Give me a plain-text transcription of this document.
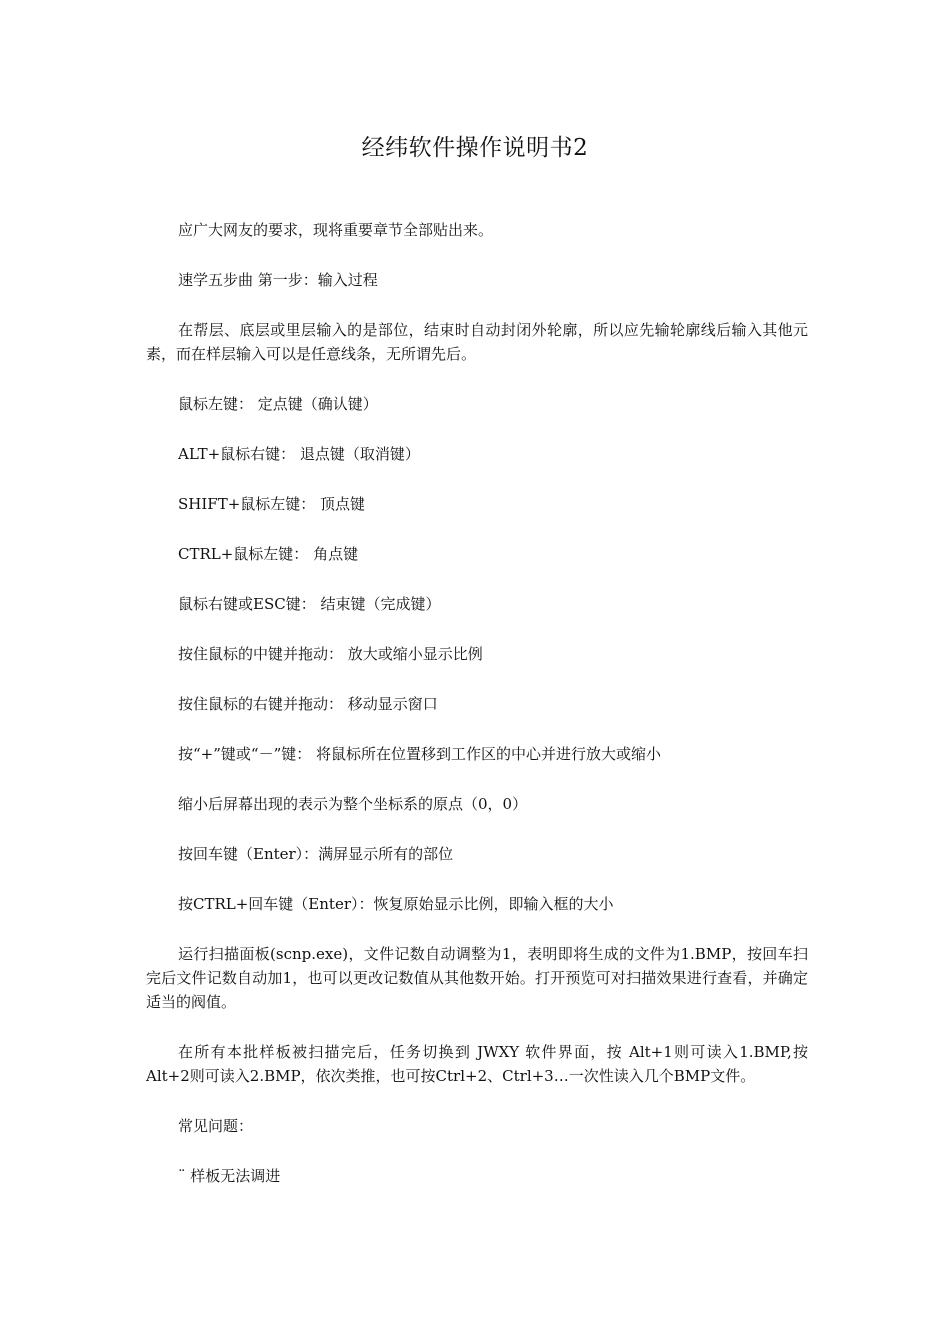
经纬软件操作说明书2

应广大网友的要求，现将重要章节全部贴出来。

速学五步曲 第一步：输入过程

在帮层、底层或里层输入的是部位，结束时自动封闭外轮廓，所以应先输轮廓线后输入其他元素，而在样层输入可以是任意线条，无所谓先后。

鼠标左键： 定点键（确认键）

ALT+鼠标右键： 退点键（取消键）

SHIFT+鼠标左键： 顶点键

CTRL+鼠标左键： 角点键

鼠标右键或ESC键： 结束键（完成键）

按住鼠标的中键并拖动： 放大或缩小显示比例

按住鼠标的右键并拖动： 移动显示窗口

按“+”键或“－”键： 将鼠标所在位置移到工作区的中心并进行放大或缩小

缩小后屏幕出现的表示为整个坐标系的原点（0，0）

按回车键（Enter）：满屏显示所有的部位

按CTRL+回车键（Enter）：恢复原始显示比例，即输入框的大小

运行扫描面板(scnp.exe)，文件记数自动调整为1，表明即将生成的文件为1.BMP，按回车扫完后文件记数自动加1，也可以更改记数值从其他数开始。打开预览可对扫描效果进行查看，并确定适当的阀值。

在所有本批样板被扫描完后，任务切换到 JWXY 软件界面，按 Alt+1则可读入1.BMP,按 Alt+2则可读入2.BMP，依次类推，也可按Ctrl+2、Ctrl+3…一次性读入几个BMP文件。

常见问题：

¨ 样板无法调进
